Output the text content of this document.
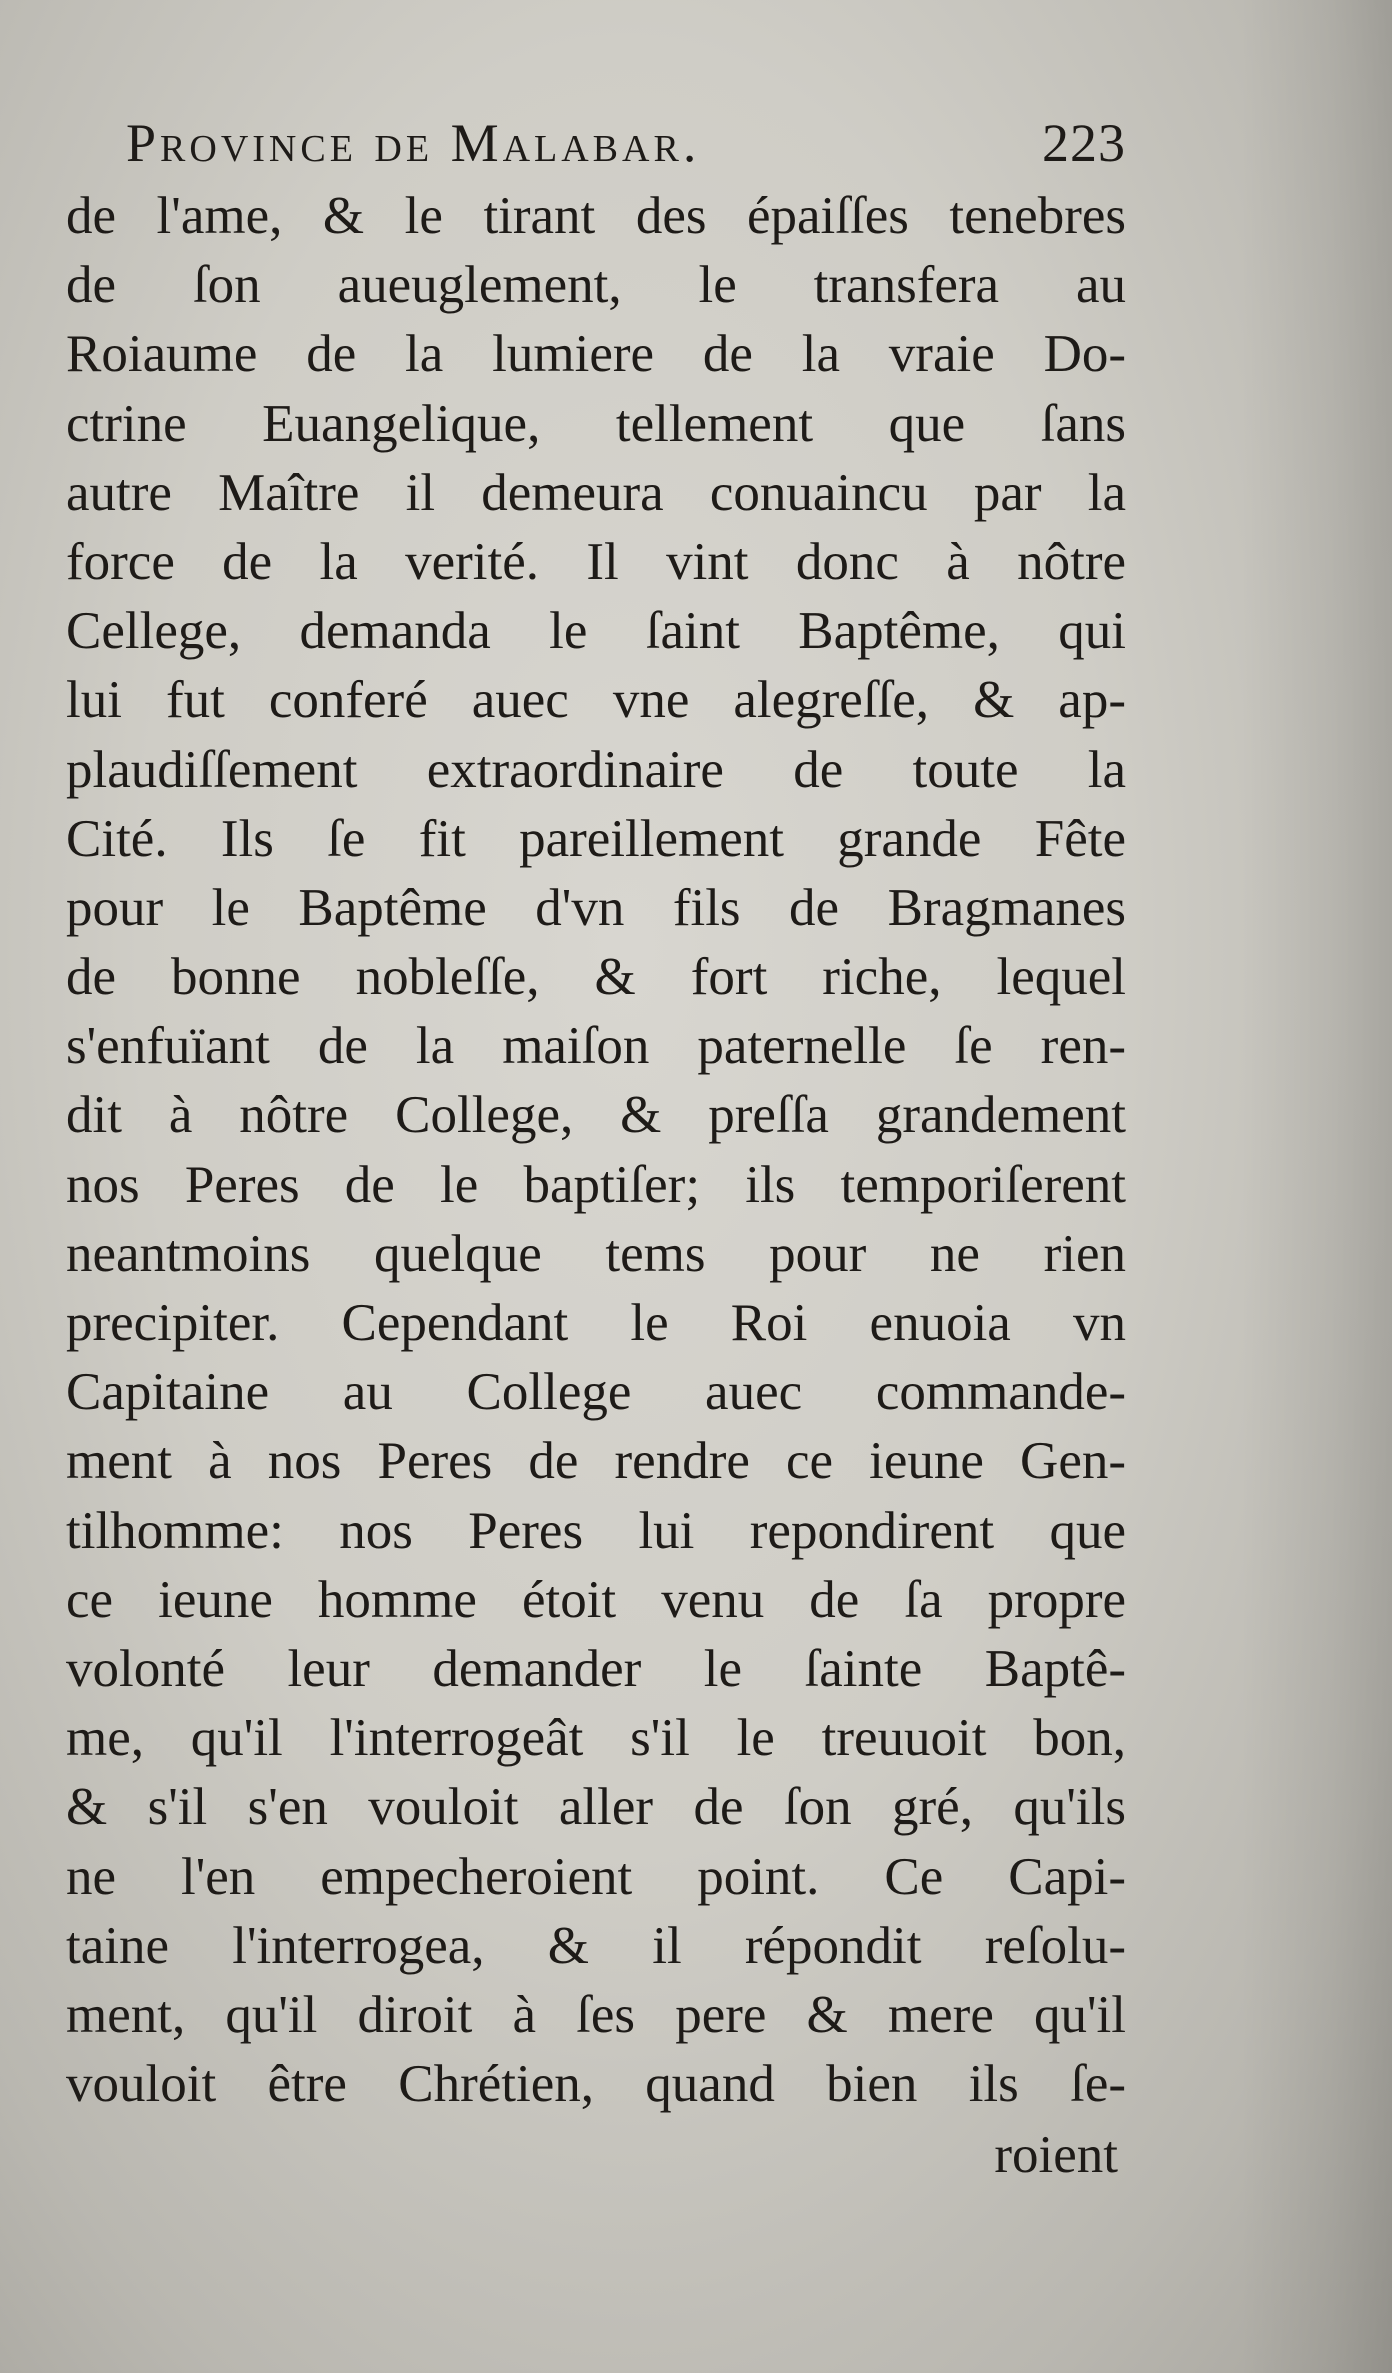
Province de Malabar.	223
de l'ame, & le tirant des épaiſſes tenebres
de ſon aueuglement, le transfera au
Roiaume de la lumiere de la vraie Do-
ctrine Euangelique, tellement que ſans
autre Maître il demeura conuaincu par la
force de la verité. Il vint donc à nôtre
Cellege, demanda le ſaint Baptême, qui
lui fut conferé auec vne alegreſſe, & ap-
plaudiſſement extraordinaire de toute la
Cité. Ils ſe fit pareillement grande Fête
pour le Baptême d'vn fils de Bragmanes
de bonne nobleſſe, & fort riche, lequel
s'enfuïant de la maiſon paternelle ſe ren-
dit à nôtre College, & preſſa grandement
nos Peres de le baptiſer; ils temporiſerent
neantmoins quelque tems pour ne rien
precipiter. Cependant le Roi enuoia vn
Capitaine au College auec commande-
ment à nos Peres de rendre ce ieune Gen-
tilhomme: nos Peres lui repondirent que
ce ieune homme étoit venu de ſa propre
volonté leur demander le ſainte Baptê-
me, qu'il l'interrogeât s'il le treuuoit bon,
& s'il s'en vouloit aller de ſon gré, qu'ils
ne l'en empecheroient point. Ce Capi-
taine l'interrogea, & il répondit reſolu-
ment, qu'il diroit à ſes pere & mere qu'il
vouloit être Chrétien, quand bien ils ſe-
roient
